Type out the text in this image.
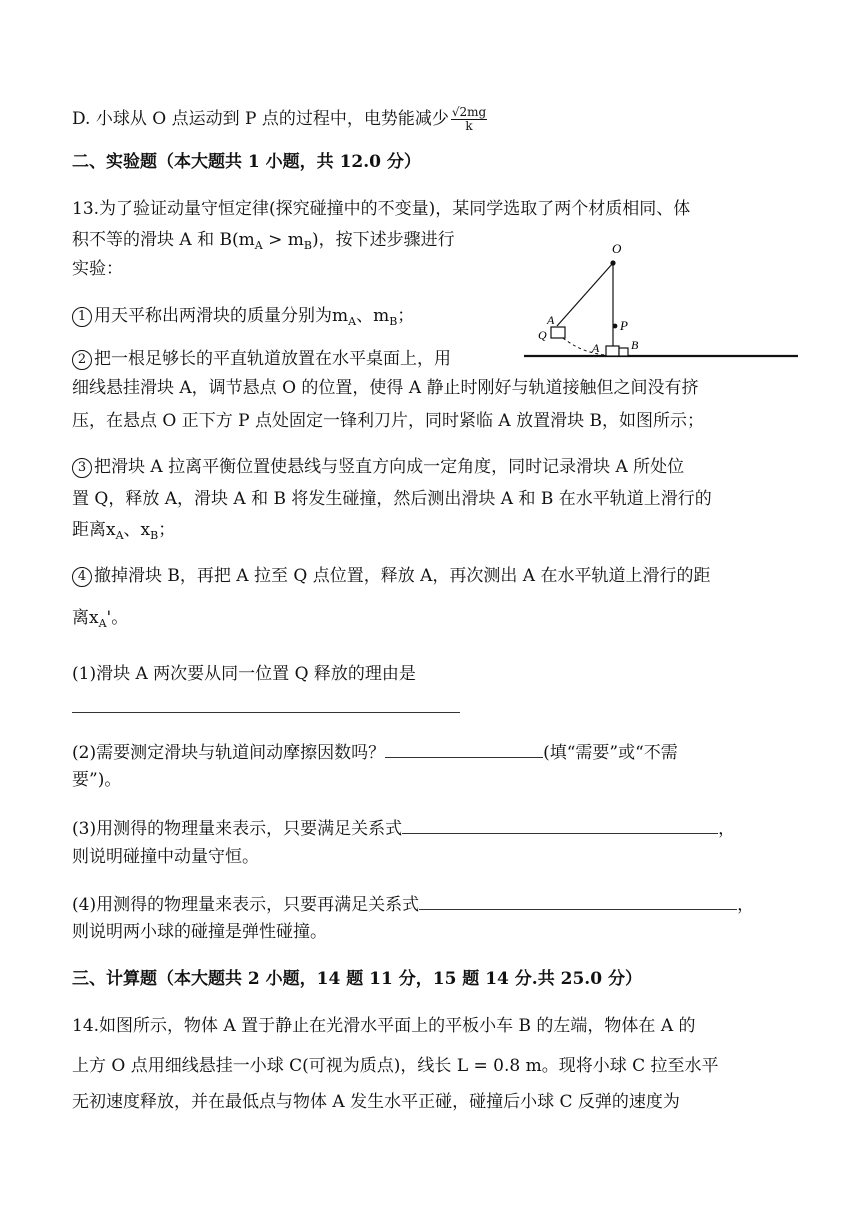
D. 小球从 O 点运动到 P 点的过程中，电势能减少 $\frac{√2mg}{k}$
二、实验题（本大题共 1 小题，共 12.0 分）
13.为了验证动量守恒定律(探究碰撞中的不变量)，某同学选取了两个材质相同、体
积不等的滑块 A 和 $B(m_A > m_B)$，按下述步骤进行
实验：
1 用天平称出两滑块的质量分别为$m_A$、$m_B$；
2 把一根足够长的平直轨道放置在水平桌面上，用
细线悬挂滑块 A，调节悬点 O 的位置，使得 A 静止时刚好与轨道接触但之间没有挤
压，在悬点 O 正下方 P 点处固定一锋利刀片，同时紧临 A 放置滑块 B，如图所示；
3 把滑块 A 拉离平衡位置使悬线与竖直方向成一定角度，同时记录滑块 A 所处位
置 Q，释放 A，滑块 A 和 B 将发生碰撞，然后测出滑块 A 和 B 在水平轨道上滑行的
距离$x_A$、$x_B$；
4 撤掉滑块 B，再把 A 拉至 Q 点位置，释放 A，再次测出 A 在水平轨道上滑行的距
离$x_A'$。
(1)滑块 A 两次要从同一位置 Q 释放的理由是
(2)需要测定滑块与轨道间动摩擦因数吗？	(填“需要”或“不需
要”)。
(3)用测得的物理量来表示，只要满足关系式	，
则说明碰撞中动量守恒。
(4)用测得的物理量来表示，只要再满足关系式	，
则说明两小球的碰撞是弹性碰撞。
三、计算题（本大题共 2 小题，14 题 11 分，15 题 14 分.共 25.0 分）
14.如图所示，物体 A 置于静止在光滑水平面上的平板小车 B 的左端，物体在 A 的
上方 O 点用细线悬挂一小球 C(可视为质点)，线长 L = 0.8 m。现将小球 C 拉至水平
无初速度释放，并在最低点与物体 A 发生水平正碰，碰撞后小球 C 反弹的速度为
O
A
Q
P
A	B
